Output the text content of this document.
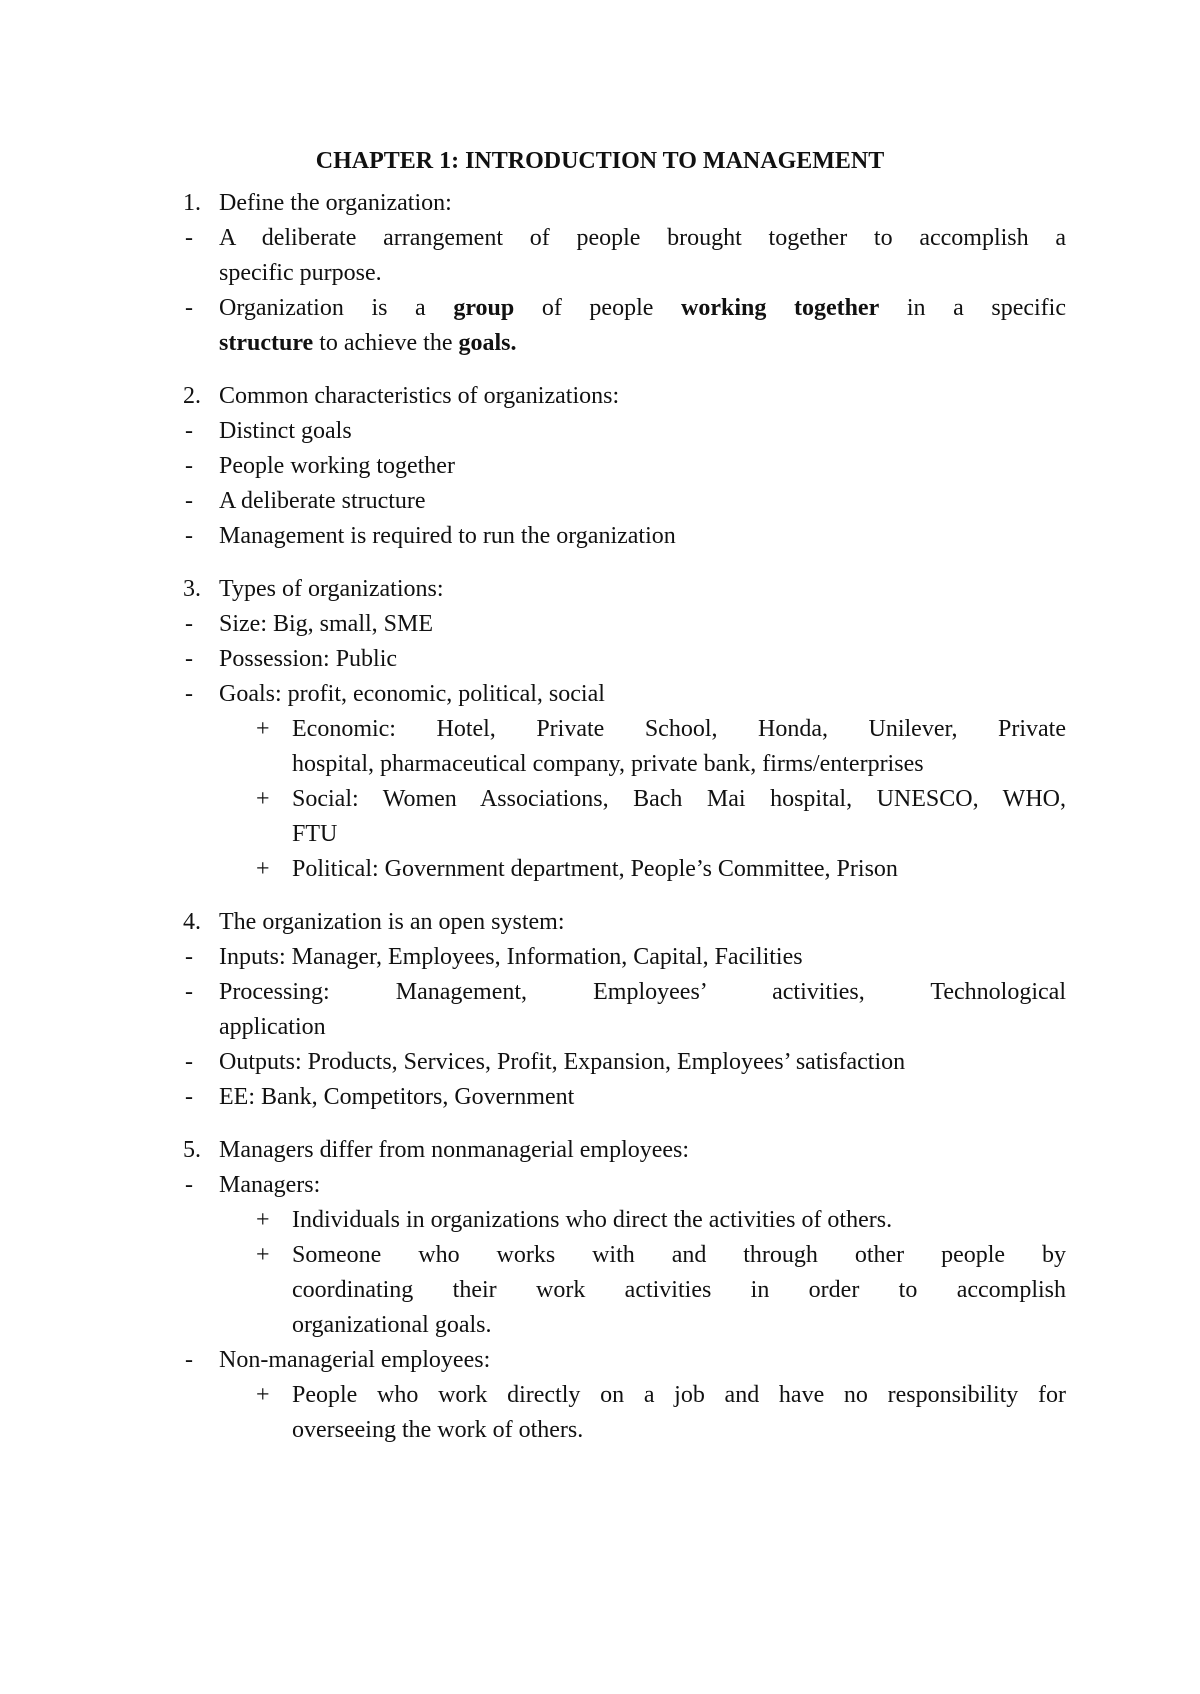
CHAPTER 1: INTRODUCTION TO MANAGEMENT
1. Define the organization:
- A deliberate arrangement of people brought together to accomplish a
specific purpose.
- Organization is a group of people working together in a specific
structure to achieve the goals.
2. Common characteristics of organizations:
- Distinct goals
- People working together
- A deliberate structure
- Management is required to run the organization
3. Types of organizations:
- Size: Big, small, SME
- Possession: Public
- Goals: profit, economic, political, social
+ Economic: Hotel, Private School, Honda, Unilever, Private
hospital, pharmaceutical company, private bank, firms/enterprises
+ Social: Women Associations, Bach Mai hospital, UNESCO, WHO,
FTU
+ Political: Government department, People’s Committee, Prison
4. The organization is an open system:
- Inputs: Manager, Employees, Information, Capital, Facilities
- Processing: Management, Employees’ activities, Technological
application
- Outputs: Products, Services, Profit, Expansion, Employees’ satisfaction
- EE: Bank, Competitors, Government
5. Managers differ from nonmanagerial employees:
- Managers:
+ Individuals in organizations who direct the activities of others.
+ Someone who works with and through other people by
coordinating their work activities in order to accomplish
organizational goals.
- Non-managerial employees:
+ People who work directly on a job and have no responsibility for
overseeing the work of others.
